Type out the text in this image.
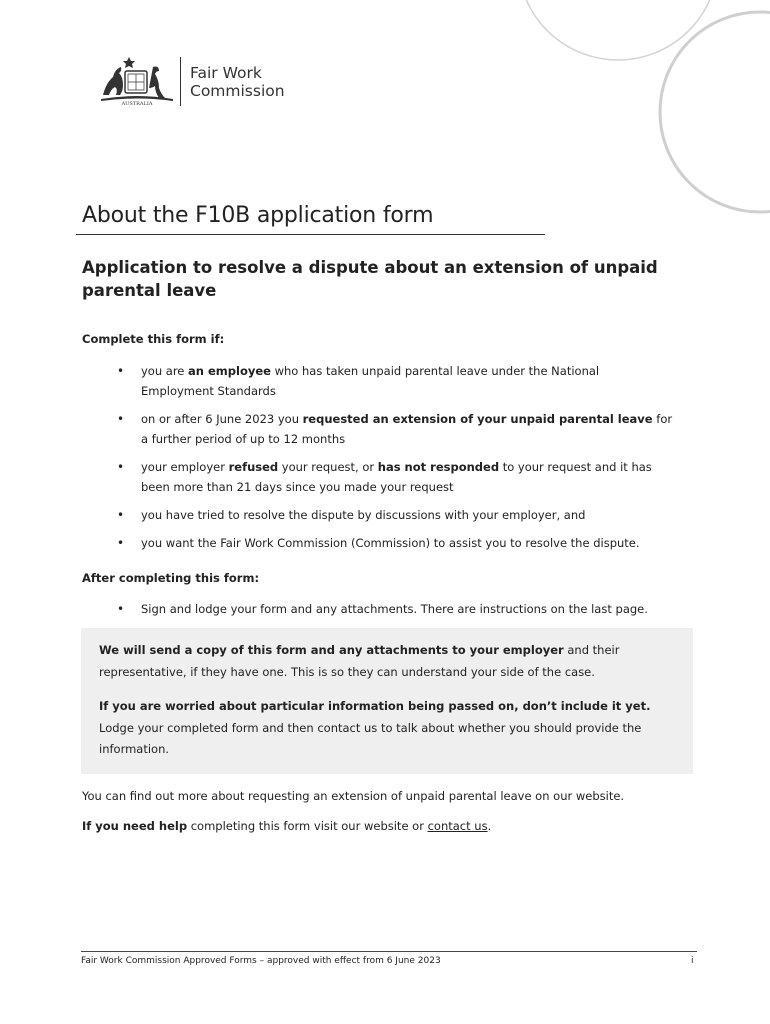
AUSTRALIA
Fair Work
Commission
About the F10B application form
Application to resolve a dispute about an extension of unpaid parental leave

Complete this form if:

• you are an employee who has taken unpaid parental leave under the National Employment Standards
• on or after 6 June 2023 you requested an extension of your unpaid parental leave for a further period of up to 12 months
• your employer refused your request, or has not responded to your request and it has been more than 21 days since you made your request
• you have tried to resolve the dispute by discussions with your employer, and
• you want the Fair Work Commission (Commission) to assist you to resolve the dispute.

After completing this form:

• Sign and lodge your form and any attachments. There are instructions on the last page.

We will send a copy of this form and any attachments to your employer and their representative, if they have one. This is so they can understand your side of the case.

If you are worried about particular information being passed on, don’t include it yet. Lodge your completed form and then contact us to talk about whether you should provide the information.

You can find out more about requesting an extension of unpaid parental leave on our website.

If you need help completing this form visit our website or contact us.

Fair Work Commission Approved Forms – approved with effect from 6 June 2023	i
